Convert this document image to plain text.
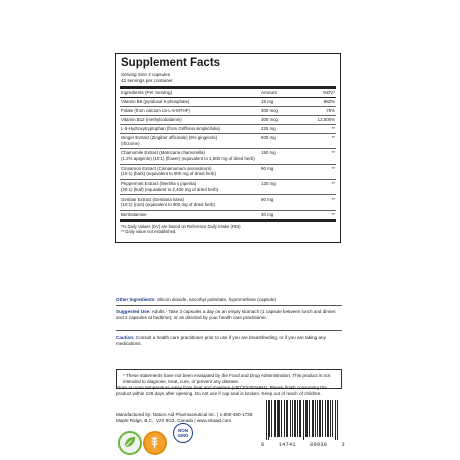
Supplement Facts
Serving Size 3 capsules
42 servings per container
Ingredients (Per Serving)	Amount	%DV*
Vitamin B6 (pyridoxal 5-phosphate)	15 mg	882%
Folate (from calcium L5-L-5-MTHF)	300 mcg	75%
Vitamin B12 (methylcobalamin)	300 mcg	12,500%
L-5-Hydroxytryptophan (from Griffonia simplicifolia)	225 mg	**
Ginger Extract (Zingiber officinale) (6% gingerols)
(rhizome)
600 mg	**
Chamomile Extract (Matricaria chamomilla)
(1.2% apigenin) (10:1) (flower) (equivalent to 1,500 mg of dried herb)
150 mg	**
Cinnamon Extract (Cinnamomum aromaticum)
(10:1) (bark) (equivalent to 900 mg of dried herb)
90 mg	**
Peppermint Extract (Mentha x piperita)
(20:1) (leaf) (equivalent to 2,400 mg of dried herb)
120 mg	**
Gentian Extract (Gentiana lutea)
(10:1) (root) (equivalent to 900 mg of dried herb)
90 mg	**
Benfotiamine	30 mg	**
*% Daily Values (DV) are based on Reference Daily Intake (RDI)
** Daily value not established.
Other Ingredients: Silicon dioxide, ascorbyl palmitate, hypromellose (capsule)
Suggested Use: Adults - Take 3 capsules a day on an empty stomach (1 capsule between lunch and dinner, and 2 capsules at bedtime); or as directed by your health care practitioner.
Caution: Consult a health care practitioner prior to use if you are breastfeeding, or if you are taking any medications.
* These statements have not been evaluated by the Food and Drug Administration. This product is not intended to diagnose, treat, cure, or prevent any disease.
Store at room temperature away from heat and moisture (<80°F/<60%RH). Please finish consuming the product within 126 days after opening. Do not use if cap seal is broken. Keep out of reach of children.
Manufactured by: Naturo Aid Pharmaceutical Inc. | 1-800-490-1738
Maple Ridge, B.C., V2X 8G3, Canada | www.vitaaid.com
NON
GMO
8	14741	00930	3
